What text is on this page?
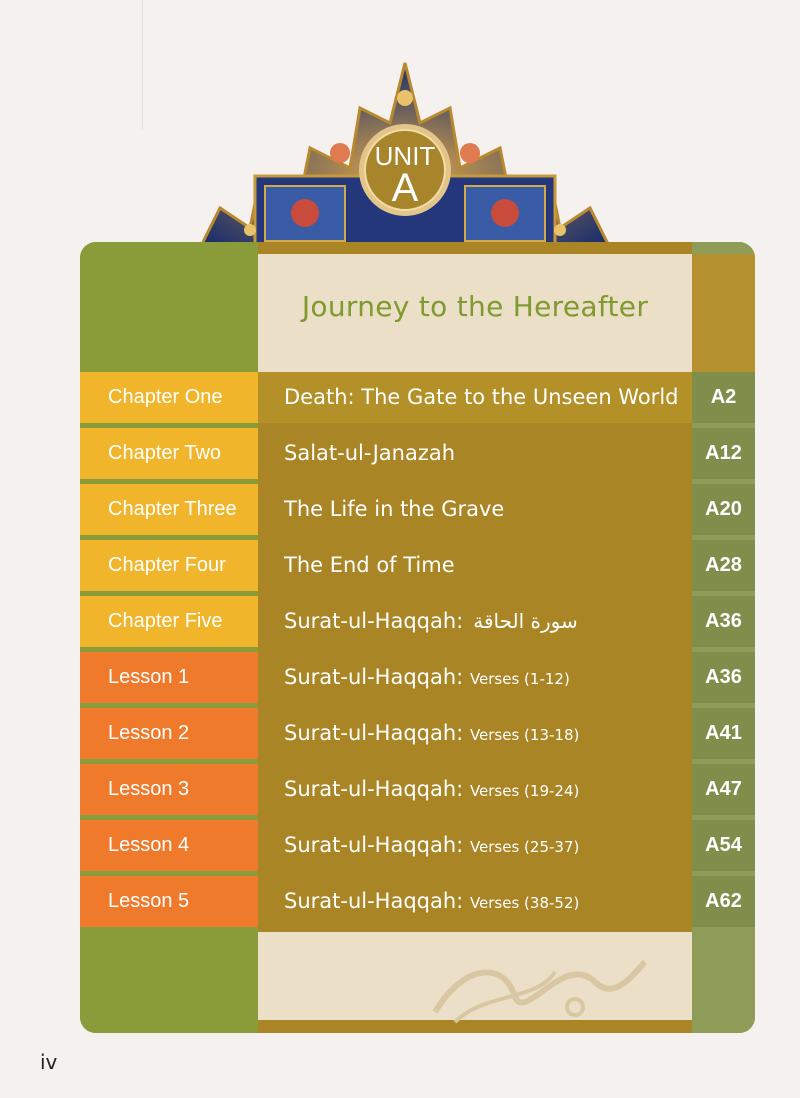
UNIT
A
Journey to the Hereafter
Chapter One	Death: The Gate to the Unseen World	A2
Chapter Two	Salat-ul-Janazah	A12
Chapter Three	The Life in the Grave	A20
Chapter Four	The End of Time	A28
Chapter Five	Surat-ul-Haqqah: سورة الحاقة	A36
Lesson 1	Surat-ul-Haqqah: Verses (1-12)	A36
Lesson 2	Surat-ul-Haqqah: Verses (13-18)	A41
Lesson 3	Surat-ul-Haqqah: Verses (19-24)	A47
Lesson 4	Surat-ul-Haqqah: Verses (25-37)	A54
Lesson 5	Surat-ul-Haqqah: Verses (38-52)	A62
iv
